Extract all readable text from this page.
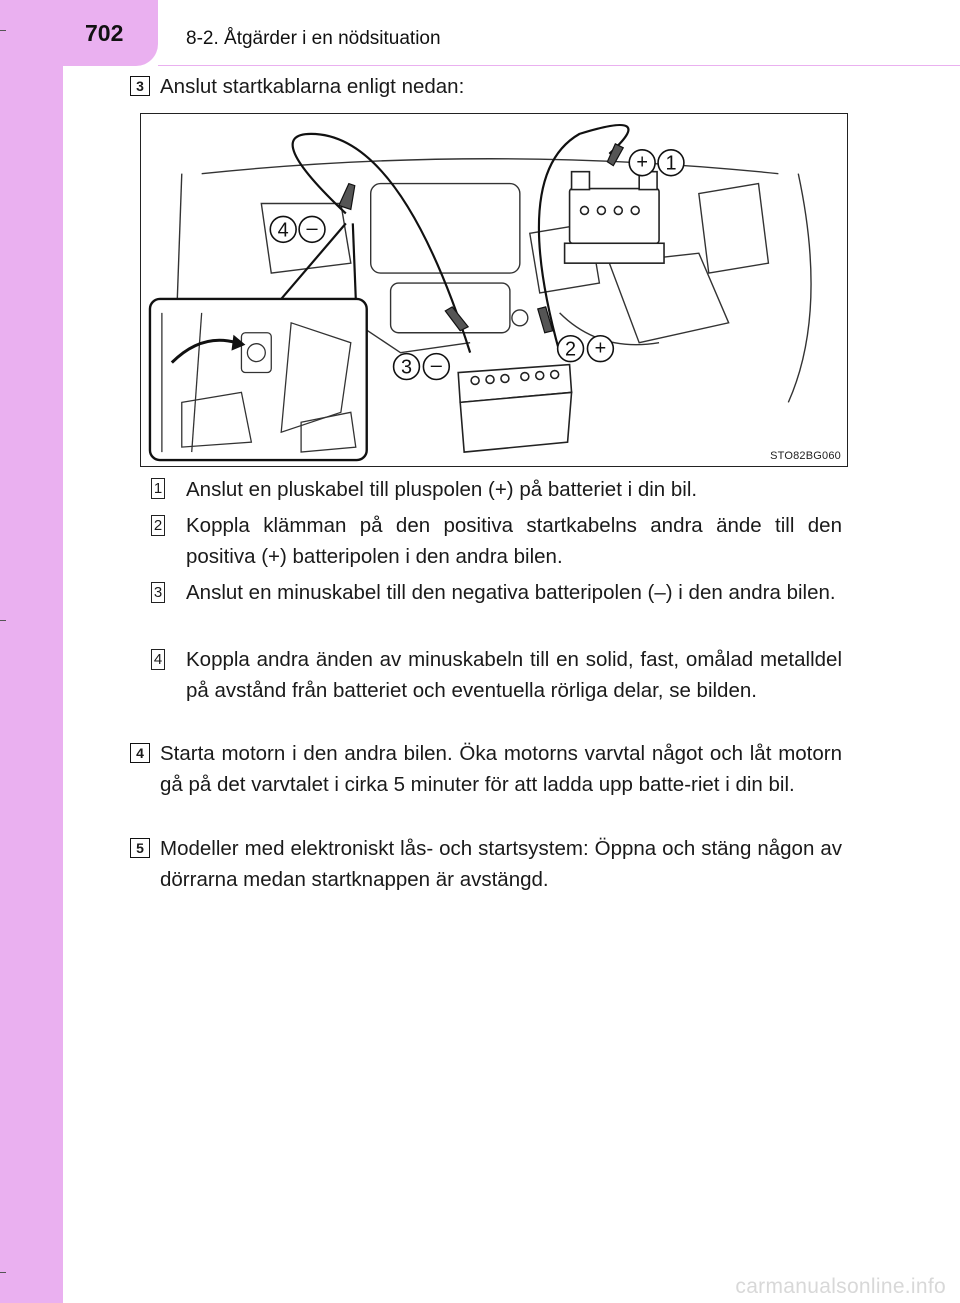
702	8-2. Åtgärder i en nödsituation
3 Anslut startkablarna enligt nedan:
1
+
2 +
3 –
4 –
STO82BG060
1 Anslut en pluskabel till pluspolen (+) på batteriet i din bil.
2 Koppla klämman på den positiva startkabelns andra ände till den positiva (+) batteripolen i den andra bilen.
3 Anslut en minuskabel till den negativa batteripolen (–) i den andra bilen.
4 Koppla andra änden av minuskabeln till en solid, fast, omålad metalldel på avstånd från batteriet och eventuella rörliga delar, se bilden.
4 Starta motorn i den andra bilen. Öka motorns varvtal något och låt motorn gå på det varvtalet i cirka 5 minuter för att ladda upp batte-riet i din bil.
5 Modeller med elektroniskt lås- och startsystem: Öppna och stäng någon av dörrarna medan startknappen är avstängd.
carmanualsonline.info
